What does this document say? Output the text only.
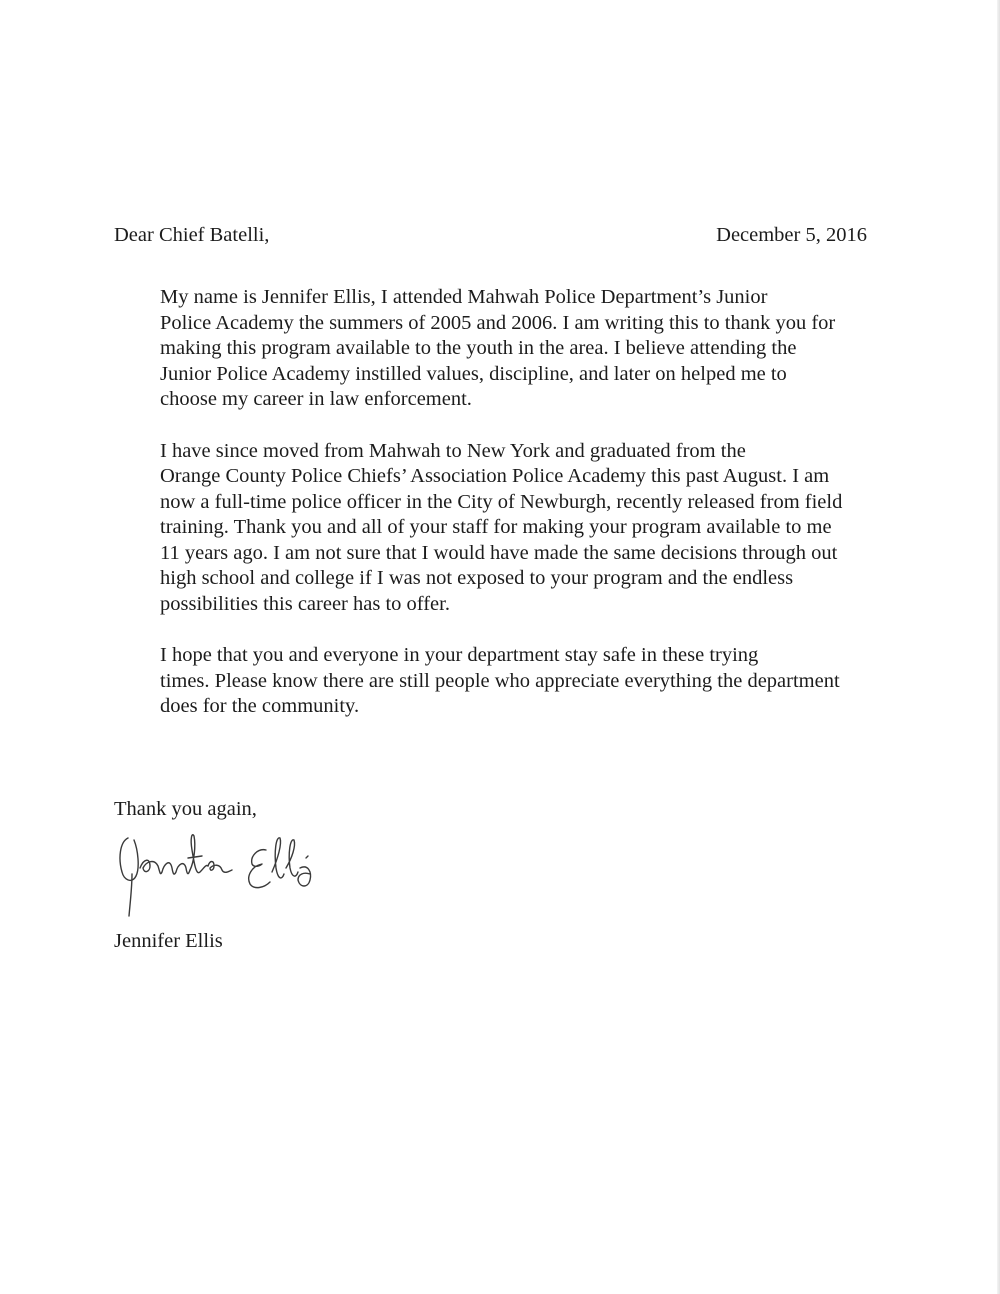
Dear Chief Batelli,	December 5, 2016

My name is Jennifer Ellis, I attended Mahwah Police Department’s Junior
Police Academy the summers of 2005 and 2006. I am writing this to thank you for
making this program available to the youth in the area. I believe attending the
Junior Police Academy instilled values, discipline, and later on helped me to
choose my career in law enforcement.

I have since moved from Mahwah to New York and graduated from the
Orange County Police Chiefs’ Association Police Academy this past August. I am
now a full-time police officer in the City of Newburgh, recently released from field
training. Thank you and all of your staff for making your program available to me
11 years ago. I am not sure that I would have made the same decisions through out
high school and college if I was not exposed to your program and the endless
possibilities this career has to offer.

I hope that you and everyone in your department stay safe in these trying
times. Please know there are still people who appreciate everything the department
does for the community.

Thank you again,
Jennifer Ellis
